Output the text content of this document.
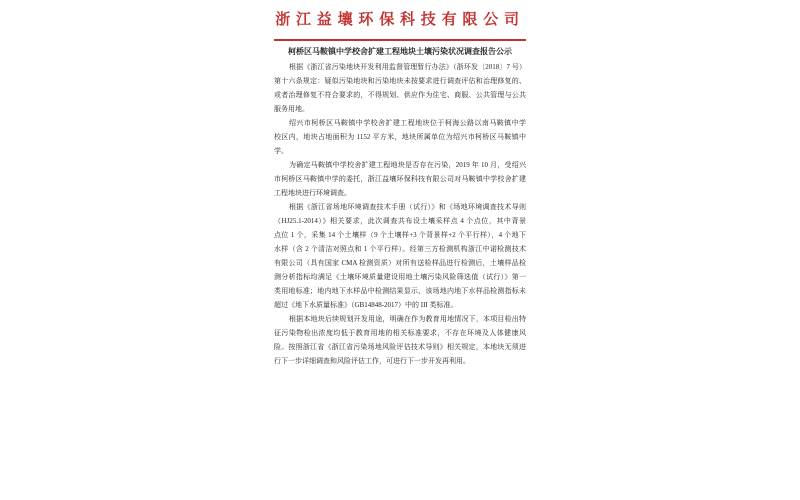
浙江益壤环保科技有限公司
柯桥区马鞍镇中学校舍扩建工程地块土壤污染状况调查报告公示
根据《浙江省污染地块开发利用监督管理暂行办法》（浙环发〔2018〕7 号）
第十六条规定：疑似污染地块和污染地块未按要求进行调查评估和治理修复的、
或者治理修复不符合要求的，不得规划、供应作为住宅、商服、公共管理与公共
服务用地。
绍兴市柯桥区马鞍镇中学校舍扩建工程地块位于柯海公路以南马鞍镇中学
校区内，地块占地面积为 1152 平方米，地块所属单位为绍兴市柯桥区马鞍镇中
学。
为确定马鞍镇中学校舍扩建工程地块是否存在污染，2019 年 10 月，受绍兴
市柯桥区马鞍镇中学的委托，浙江益壤环保科技有限公司对马鞍镇中学校舍扩建
工程地块进行环境调查。
根据《浙江省场地环境调查技术手册（试行）》和《场地环境调查技术导则
（HJ25.1-2014）》相关要求，此次调查共布设土壤采样点 4 个点位，其中背景
点位 1 个，采集 14 个土壤样（9 个土壤样+3 个背景样+2 个平行样），4 个地下
水样（含 2 个清洁对照点和 1 个平行样）。经第三方检测机构浙江中诺检测技术
有限公司（具有国家 CMA 检测资质）对所有送检样品进行检测后，土壤样品检
测分析指标均满足《土壤环境质量建设用地土壤污染风险筛选值（试行）》第一
类用地标准；地内地下水样品中检测结果显示，该场地内地下水样品检测指标未
超过《地下水质量标准》（GB14848-2017）中的 III 类标准。
根据本地块后续规划开发用途，明确在作为教育用地情况下，本项目检出特
征污染物检出浓度均低于教育用地的相关标准要求，不存在环境及人体健康风
险。按照浙江省《浙江省污染场地风险评估技术导则》相关规定，本地块无须进
行下一步详细调查和风险评估工作，可进行下一步开发再利用。
